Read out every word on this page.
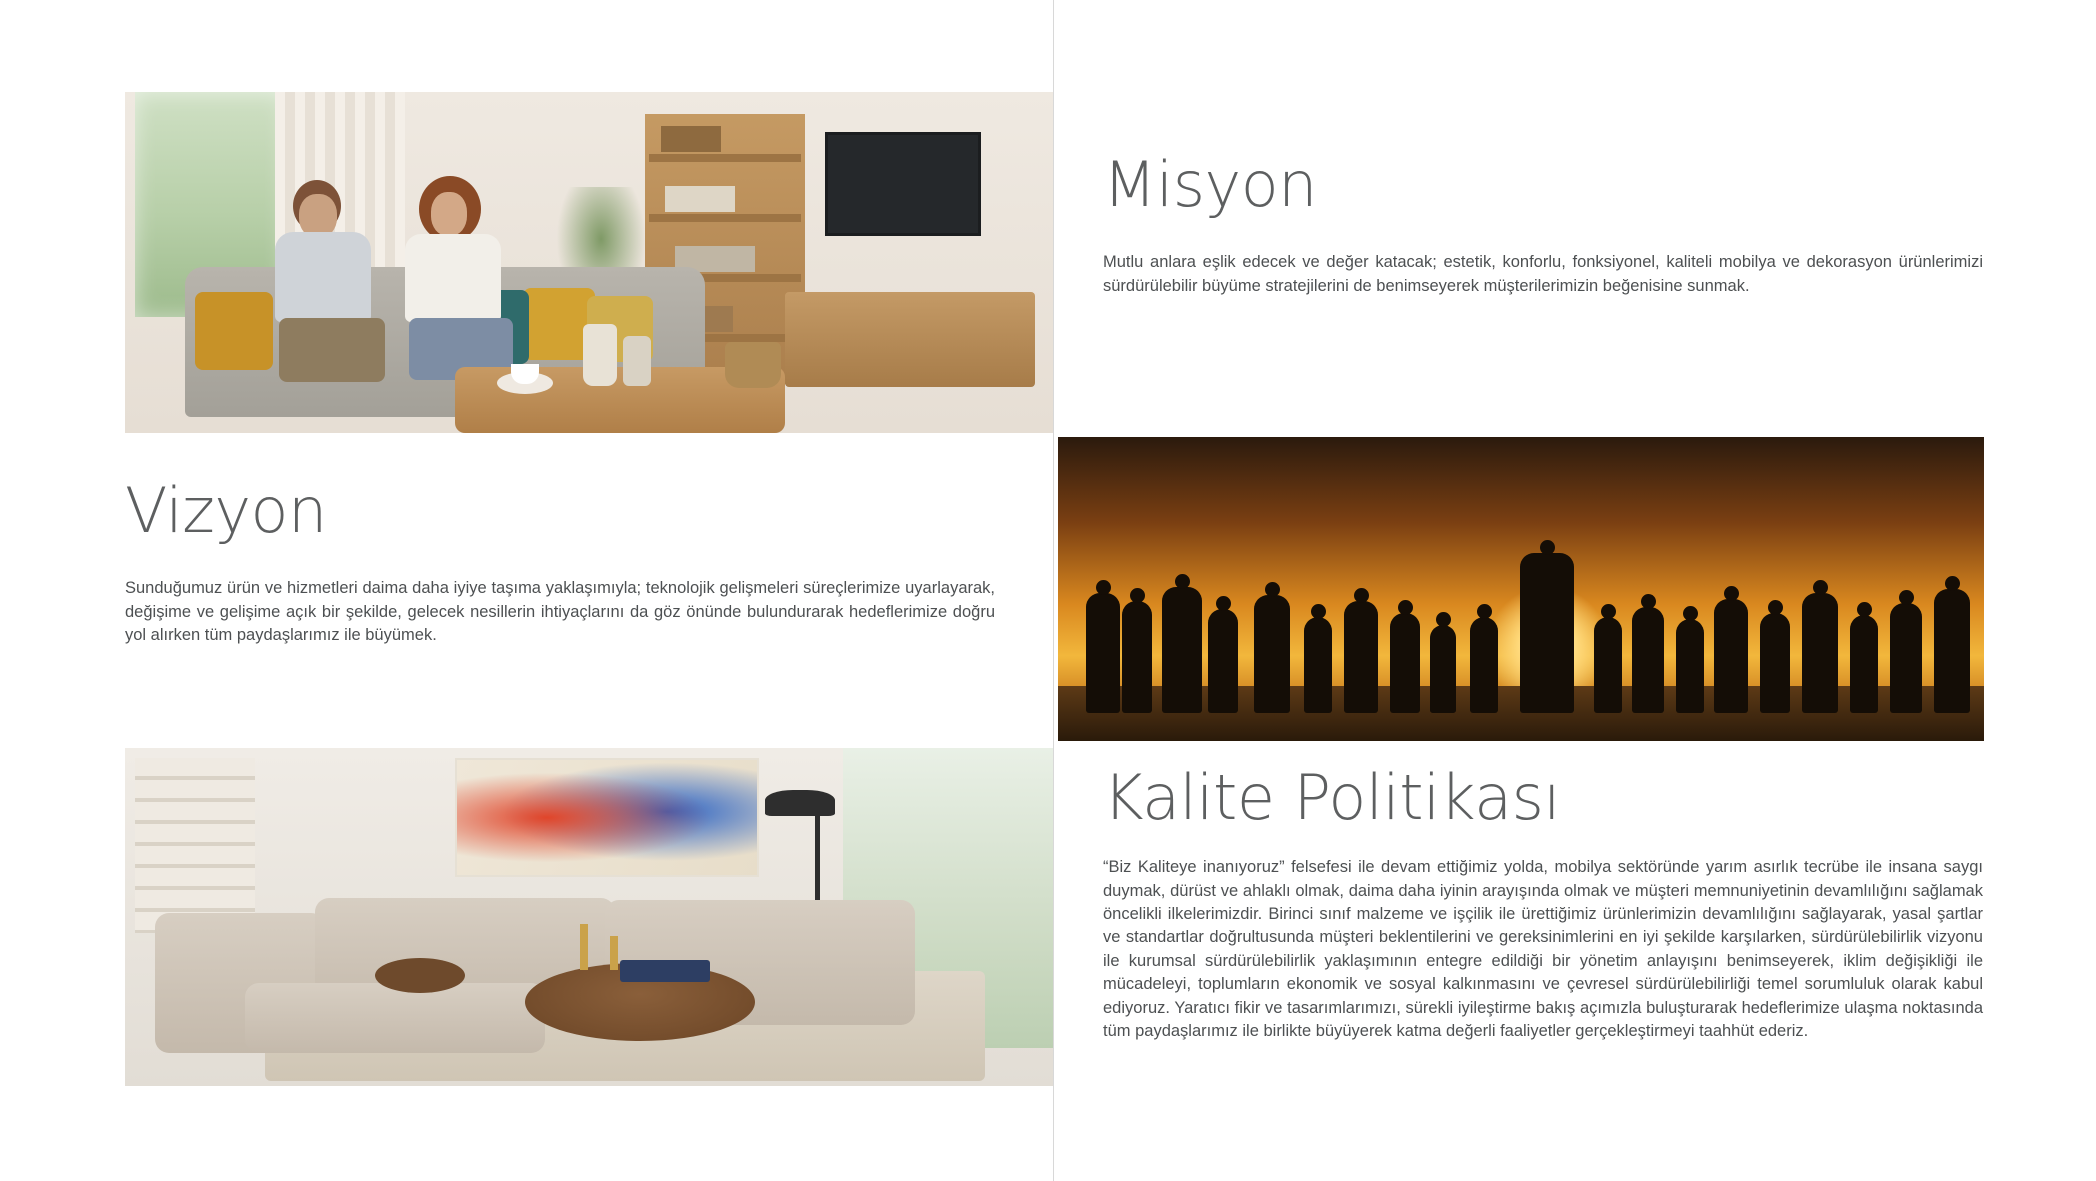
Misyon
Mutlu anlara eşlik edecek ve değer katacak; estetik, konforlu, fonksiyonel, kaliteli mobilya ve dekorasyon ürünlerimizi sürdürülebilir büyüme stratejilerini de benimseyerek müşterilerimizin beğenisine sunmak.
Vizyon
Sunduğumuz ürün ve hizmetleri daima daha iyiye taşıma yaklaşımıyla; teknolojik gelişmeleri süreçlerimize uyarlayarak, değişime ve gelişime açık bir şekilde, gelecek nesillerin ihtiyaçlarını da göz önünde bulundurarak hedeflerimize doğru yol alırken tüm paydaşlarımız ile büyümek.
Kalite Politikası
“Biz Kaliteye inanıyoruz” felsefesi ile devam ettiğimiz yolda, mobilya sektöründe yarım asırlık tecrübe ile insana saygı duymak, dürüst ve ahlaklı olmak, daima daha iyinin arayışında olmak ve müşteri memnuniyetinin devamlılığını sağlamak öncelikli ilkelerimizdir. Birinci sınıf malzeme ve işçilik ile ürettiğimiz ürünlerimizin devamlılığını sağlayarak, yasal şartlar ve standartlar doğrultusunda müşteri beklentilerini ve gereksinimlerini en iyi şekilde karşılarken, sürdürülebilirlik vizyonu ile kurumsal sürdürülebilirlik yaklaşımının entegre edildiği bir yönetim anlayışını benimseyerek, iklim değişikliği ile mücadeleyi, toplumların ekonomik ve sosyal kalkınmasını ve çevresel sürdürülebilirliği temel sorumluluk olarak kabul ediyoruz. Yaratıcı fikir ve tasarımlarımızı, sürekli iyileştirme bakış açımızla buluşturarak hedeflerimize ulaşma noktasında tüm paydaşlarımız ile birlikte büyüyerek katma değerli faaliyetler gerçekleştirmeyi taahhüt ederiz.
